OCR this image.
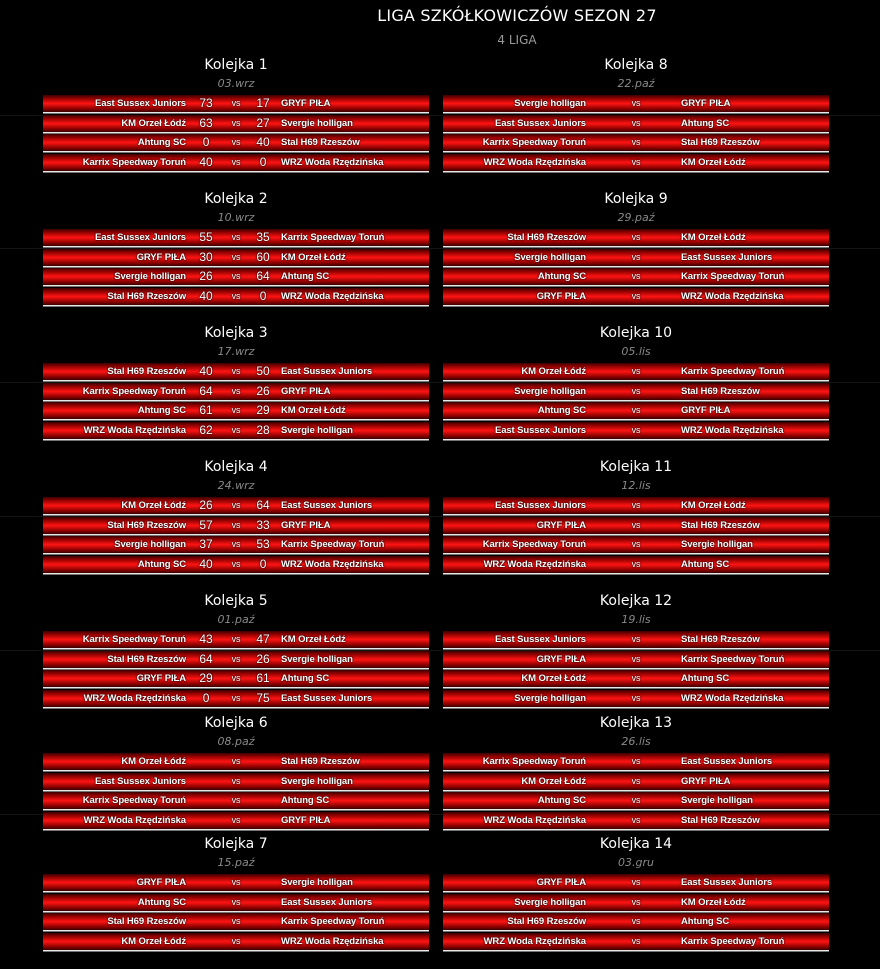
LIGA SZKÓŁKOWICZÓW SEZON 27
4 LIGA
Kolejka 1
03.wrz
East Sussex Juniors	73	vs	17	GRYF PIŁA
KM Orzeł Łódź	63	vs	27	Svergie holligan
Ahtung SC	0	vs	40	Stal H69 Rzeszów
Karrix Speedway Toruń	40	vs	0	WRZ Woda Rzędzińska
Kolejka 2
10.wrz
East Sussex Juniors	55	vs	35	Karrix Speedway Toruń
GRYF PIŁA	30	vs	60	KM Orzeł Łódź
Svergie holligan	26	vs	64	Ahtung SC
Stal H69 Rzeszów	40	vs	0	WRZ Woda Rzędzińska
Kolejka 3
17.wrz
Stal H69 Rzeszów	40	vs	50	East Sussex Juniors
Karrix Speedway Toruń	64	vs	26	GRYF PIŁA
Ahtung SC	61	vs	29	KM Orzeł Łódź
WRZ Woda Rzędzińska	62	vs	28	Svergie holligan
Kolejka 4
24.wrz
KM Orzeł Łódź	26	vs	64	East Sussex Juniors
Stal H69 Rzeszów	57	vs	33	GRYF PIŁA
Svergie holligan	37	vs	53	Karrix Speedway Toruń
Ahtung SC	40	vs	0	WRZ Woda Rzędzińska
Kolejka 5
01.paź
Karrix Speedway Toruń	43	vs	47	KM Orzeł Łódź
Stal H69 Rzeszów	64	vs	26	Svergie holligan
GRYF PIŁA	29	vs	61	Ahtung SC
WRZ Woda Rzędzińska	0	vs	75	East Sussex Juniors
Kolejka 6
08.paź
KM Orzeł Łódź	vs	Stal H69 Rzeszów
East Sussex Juniors	vs	Svergie holligan
Karrix Speedway Toruń	vs	Ahtung SC
WRZ Woda Rzędzińska	vs	GRYF PIŁA
Kolejka 7
15.paź
GRYF PIŁA	vs	Svergie holligan
Ahtung SC	vs	East Sussex Juniors
Stal H69 Rzeszów	vs	Karrix Speedway Toruń
KM Orzeł Łódź	vs	WRZ Woda Rzędzińska
Kolejka 8
22.paź
Svergie holligan	vs	GRYF PIŁA
East Sussex Juniors	vs	Ahtung SC
Karrix Speedway Toruń	vs	Stal H69 Rzeszów
WRZ Woda Rzędzińska	vs	KM Orzeł Łódź
Kolejka 9
29.paź
Stal H69 Rzeszów	vs	KM Orzeł Łódź
Svergie holligan	vs	East Sussex Juniors
Ahtung SC	vs	Karrix Speedway Toruń
GRYF PIŁA	vs	WRZ Woda Rzędzińska
Kolejka 10
05.lis
KM Orzeł Łódź	vs	Karrix Speedway Toruń
Svergie holligan	vs	Stal H69 Rzeszów
Ahtung SC	vs	GRYF PIŁA
East Sussex Juniors	vs	WRZ Woda Rzędzińska
Kolejka 11
12.lis
East Sussex Juniors	vs	KM Orzeł Łódź
GRYF PIŁA	vs	Stal H69 Rzeszów
Karrix Speedway Toruń	vs	Svergie holligan
WRZ Woda Rzędzińska	vs	Ahtung SC
Kolejka 12
19.lis
East Sussex Juniors	vs	Stal H69 Rzeszów
GRYF PIŁA	vs	Karrix Speedway Toruń
KM Orzeł Łódź	vs	Ahtung SC
Svergie holligan	vs	WRZ Woda Rzędzińska
Kolejka 13
26.lis
Karrix Speedway Toruń	vs	East Sussex Juniors
KM Orzeł Łódź	vs	GRYF PIŁA
Ahtung SC	vs	Svergie holligan
WRZ Woda Rzędzińska	vs	Stal H69 Rzeszów
Kolejka 14
03.gru
GRYF PIŁA	vs	East Sussex Juniors
Svergie holligan	vs	KM Orzeł Łódź
Stal H69 Rzeszów	vs	Ahtung SC
WRZ Woda Rzędzińska	vs	Karrix Speedway Toruń
